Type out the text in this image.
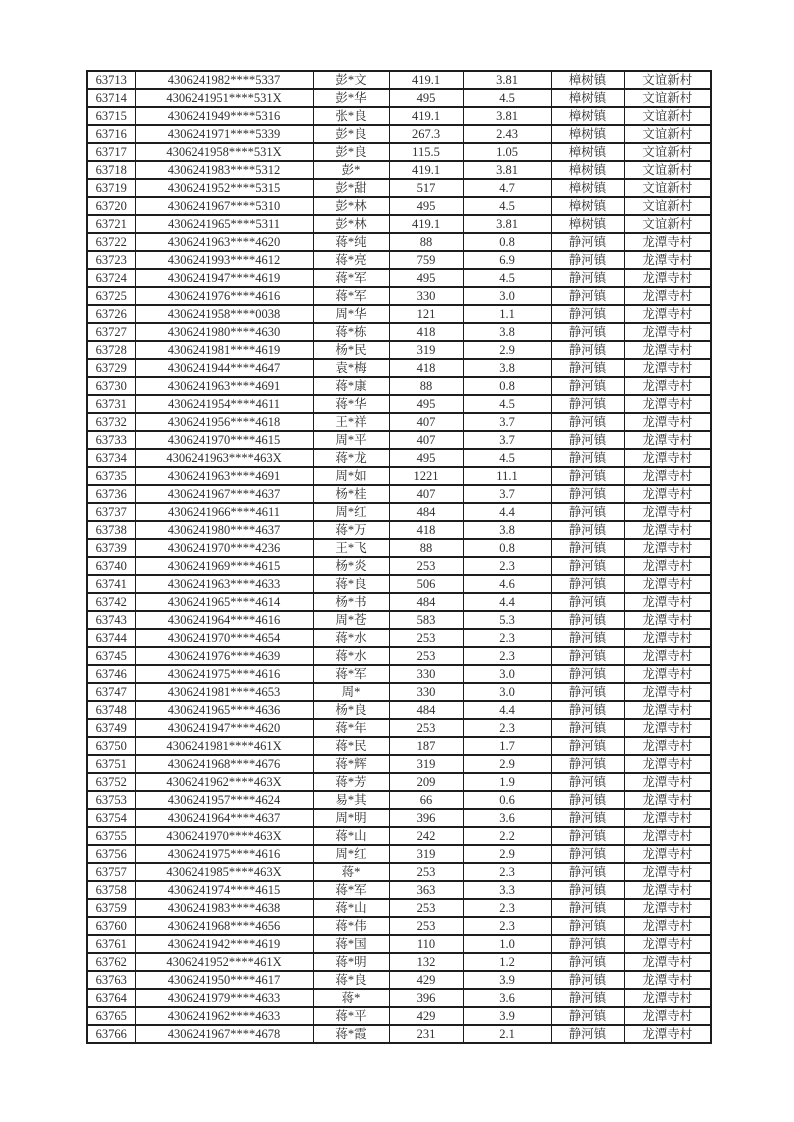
63713	4306241982****5337	彭*文	419.1	3.81	樟树镇	文谊新村
63714	4306241951****531X	彭*华	495	4.5	樟树镇	文谊新村
63715	4306241949****5316	张*良	419.1	3.81	樟树镇	文谊新村
63716	4306241971****5339	彭*良	267.3	2.43	樟树镇	文谊新村
63717	4306241958****531X	彭*良	115.5	1.05	樟树镇	文谊新村
63718	4306241983****5312	彭*	419.1	3.81	樟树镇	文谊新村
63719	4306241952****5315	彭*甜	517	4.7	樟树镇	文谊新村
63720	4306241967****5310	彭*林	495	4.5	樟树镇	文谊新村
63721	4306241965****5311	彭*林	419.1	3.81	樟树镇	文谊新村
63722	4306241963****4620	蒋*纯	88	0.8	静河镇	龙潭寺村
63723	4306241993****4612	蒋*亮	759	6.9	静河镇	龙潭寺村
63724	4306241947****4619	蒋*军	495	4.5	静河镇	龙潭寺村
63725	4306241976****4616	蒋*军	330	3.0	静河镇	龙潭寺村
63726	4306241958****0038	周*华	121	1.1	静河镇	龙潭寺村
63727	4306241980****4630	蒋*栋	418	3.8	静河镇	龙潭寺村
63728	4306241981****4619	杨*民	319	2.9	静河镇	龙潭寺村
63729	4306241944****4647	袁*梅	418	3.8	静河镇	龙潭寺村
63730	4306241963****4691	蒋*康	88	0.8	静河镇	龙潭寺村
63731	4306241954****4611	蒋*华	495	4.5	静河镇	龙潭寺村
63732	4306241956****4618	王*祥	407	3.7	静河镇	龙潭寺村
63733	4306241970****4615	周*平	407	3.7	静河镇	龙潭寺村
63734	4306241963****463X	蒋*龙	495	4.5	静河镇	龙潭寺村
63735	4306241963****4691	周*如	1221	11.1	静河镇	龙潭寺村
63736	4306241967****4637	杨*桂	407	3.7	静河镇	龙潭寺村
63737	4306241966****4611	周*红	484	4.4	静河镇	龙潭寺村
63738	4306241980****4637	蒋*万	418	3.8	静河镇	龙潭寺村
63739	4306241970****4236	王*飞	88	0.8	静河镇	龙潭寺村
63740	4306241969****4615	杨*炎	253	2.3	静河镇	龙潭寺村
63741	4306241963****4633	蒋*良	506	4.6	静河镇	龙潭寺村
63742	4306241965****4614	杨*书	484	4.4	静河镇	龙潭寺村
63743	4306241964****4616	周*苍	583	5.3	静河镇	龙潭寺村
63744	4306241970****4654	蒋*水	253	2.3	静河镇	龙潭寺村
63745	4306241976****4639	蒋*水	253	2.3	静河镇	龙潭寺村
63746	4306241975****4616	蒋*军	330	3.0	静河镇	龙潭寺村
63747	4306241981****4653	周*	330	3.0	静河镇	龙潭寺村
63748	4306241965****4636	杨*良	484	4.4	静河镇	龙潭寺村
63749	4306241947****4620	蒋*年	253	2.3	静河镇	龙潭寺村
63750	4306241981****461X	蒋*民	187	1.7	静河镇	龙潭寺村
63751	4306241968****4676	蒋*辉	319	2.9	静河镇	龙潭寺村
63752	4306241962****463X	蒋*芳	209	1.9	静河镇	龙潭寺村
63753	4306241957****4624	易*其	66	0.6	静河镇	龙潭寺村
63754	4306241964****4637	周*明	396	3.6	静河镇	龙潭寺村
63755	4306241970****463X	蒋*山	242	2.2	静河镇	龙潭寺村
63756	4306241975****4616	周*红	319	2.9	静河镇	龙潭寺村
63757	4306241985****463X	蒋*	253	2.3	静河镇	龙潭寺村
63758	4306241974****4615	蒋*军	363	3.3	静河镇	龙潭寺村
63759	4306241983****4638	蒋*山	253	2.3	静河镇	龙潭寺村
63760	4306241968****4656	蒋*伟	253	2.3	静河镇	龙潭寺村
63761	4306241942****4619	蒋*国	110	1.0	静河镇	龙潭寺村
63762	4306241952****461X	蒋*明	132	1.2	静河镇	龙潭寺村
63763	4306241950****4617	蒋*良	429	3.9	静河镇	龙潭寺村
63764	4306241979****4633	蒋*	396	3.6	静河镇	龙潭寺村
63765	4306241962****4633	蒋*平	429	3.9	静河镇	龙潭寺村
63766	4306241967****4678	蒋*霞	231	2.1	静河镇	龙潭寺村
